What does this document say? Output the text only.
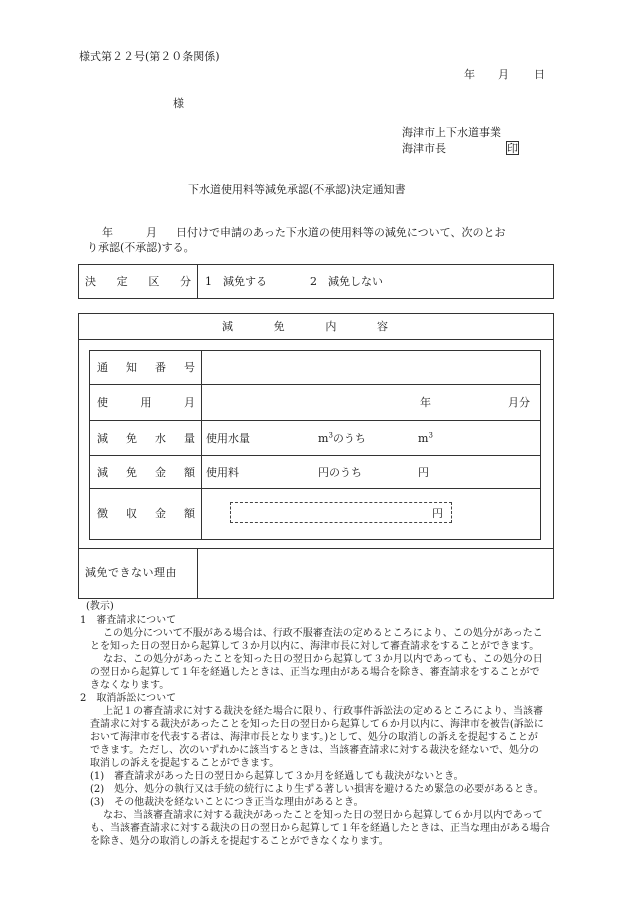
様式第２２号(第２０条関係)
年 月 日
様
海津市上下水道事業
海津市長	印
下水道使用料等減免承認(不承認)決定通知書
年	月 日付けで申請のあった下水道の使用料等の減免について、次のとお
り承認(不承認)する。
決 定 区 分 1　減免する	2　減免しない
減	免	内	容
通 知 番 号
使	用	月	年	月分
減 免 水 量 使用水量	$m^3$のうち	$m^3$
減 免 金 額 使用料	円のうち	円
徴 収 金 額	円
減免できない理由
(教示)
1　審査請求について
この処分について不服がある場合は、行政不服審査法の定めるところにより、この処分があったこ
とを知った日の翌日から起算して３か月以内に、海津市長に対して審査請求をすることができます。
なお、この処分があったことを知った日の翌日から起算して３か月以内であっても、この処分の日
の翌日から起算して１年を経過したときは、正当な理由がある場合を除き、審査請求をすることがで
きなくなります。
2　取消訴訟について
上記１の審査請求に対する裁決を経た場合に限り、行政事件訴訟法の定めるところにより、当該審
査請求に対する裁決があったことを知った日の翌日から起算して６か月以内に、海津市を被告(訴訟に
おいて海津市を代表する者は、海津市長となります。)として、処分の取消しの訴えを提起することが
できます。ただし、次のいずれかに該当するときは、当該審査請求に対する裁決を経ないで、処分の
取消しの訴えを提起することができます。
(1)　審査請求があった日の翌日から起算して３か月を経過しても裁決がないとき。
(2)　処分、処分の執行又は手続の続行により生ずる著しい損害を避けるため緊急の必要があるとき。
(3)　その他裁決を経ないことにつき正当な理由があるとき。
なお、当該審査請求に対する裁決があったことを知った日の翌日から起算して６か月以内であって
も、当該審査請求に対する裁決の日の翌日から起算して１年を経過したときは、正当な理由がある場合
を除き、処分の取消しの訴えを提起することができなくなります。
